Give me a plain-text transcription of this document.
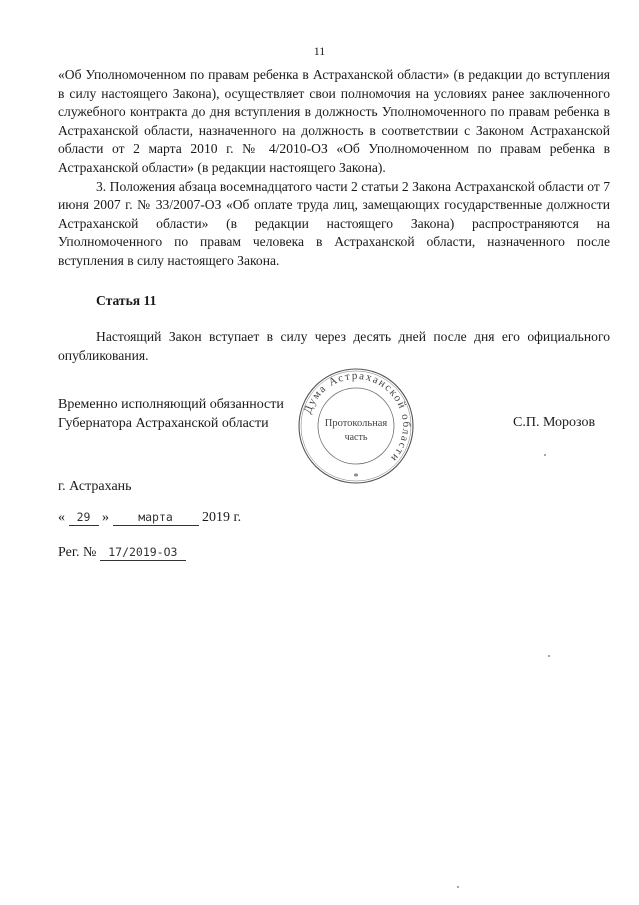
11

«Об Уполномоченном по правам ребенка в Астраханской области» (в редакции до вступления в силу настоящего Закона), осуществляет свои полномочия на условиях ранее заключенного служебного контракта до дня вступления в должность Уполномоченного по правам ребенка в Астраханской области, назначенного на должность в соответствии с Законом Астраханской области от 2 марта 2010 г. № 4/2010-ОЗ «Об Уполномоченном по правам ребенка в Астраханской области» (в редакции настоящего Закона).

3. Положения абзаца восемнадцатого части 2 статьи 2 Закона Астраханской области от 7 июня 2007 г. № 33/2007-ОЗ «Об оплате труда лиц, замещающих государственные должности Астраханской области» (в редакции настоящего Закона) распространяются на Уполномоченного по правам человека в Астраханской области, назначенного после вступления в силу настоящего Закона.

Статья 11

Настоящий Закон вступает в силу через десять дней после дня его официального опубликования.

Временно исполняющий обязанности
Губернатора Астраханской области
Дума Астраханской области
Протокольная
часть
*
С.П. Морозов
г. Астрахань
« 29 »	марта 2019 г.
Рег. № 17/2019-ОЗ
